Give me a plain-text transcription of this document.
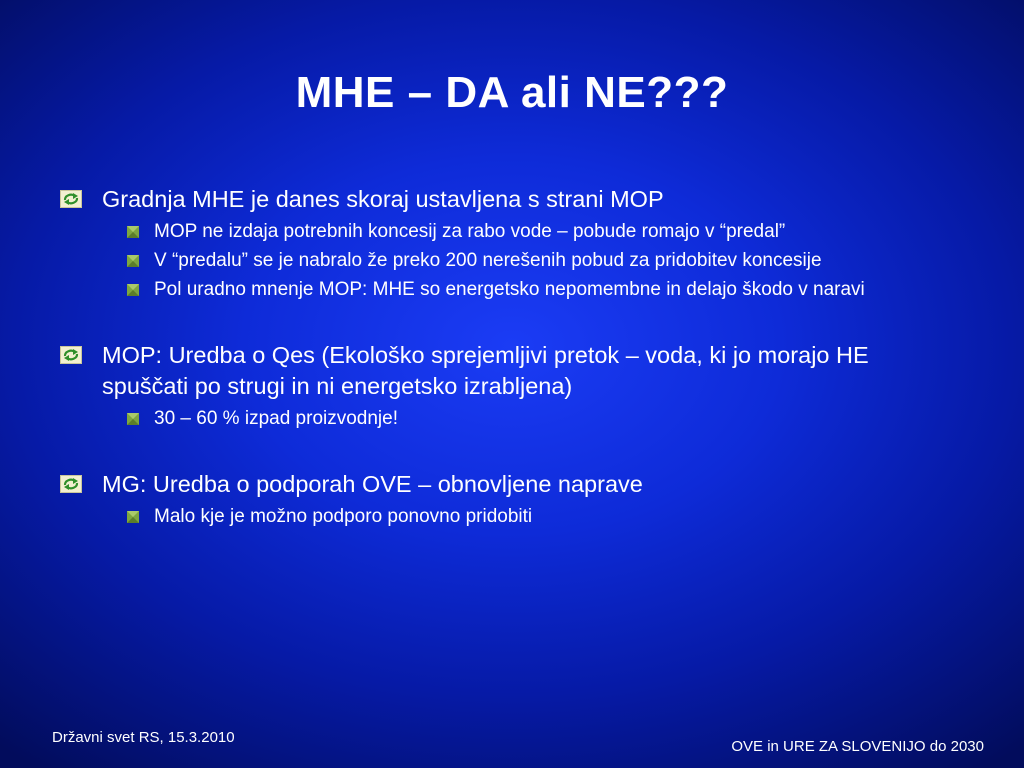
MHE – DA ali NE???
Gradnja MHE je danes skoraj ustavljena s strani MOP
MOP ne izdaja potrebnih koncesij za rabo vode – pobude romajo v “predal”
V “predalu” se je nabralo že preko 200 nerešenih pobud za pridobitev koncesije
Pol uradno mnenje MOP: MHE so energetsko nepomembne in delajo škodo v naravi
MOP: Uredba o Qes (Ekološko sprejemljivi pretok – voda, ki jo morajo HE spuščati po strugi in ni energetsko izrabljena)
30 – 60 % izpad proizvodnje!
MG: Uredba o podporah OVE – obnovljene naprave
Malo kje je možno podporo ponovno pridobiti
Državni svet RS, 15.3.2010
OVE in URE ZA SLOVENIJO do 2030
